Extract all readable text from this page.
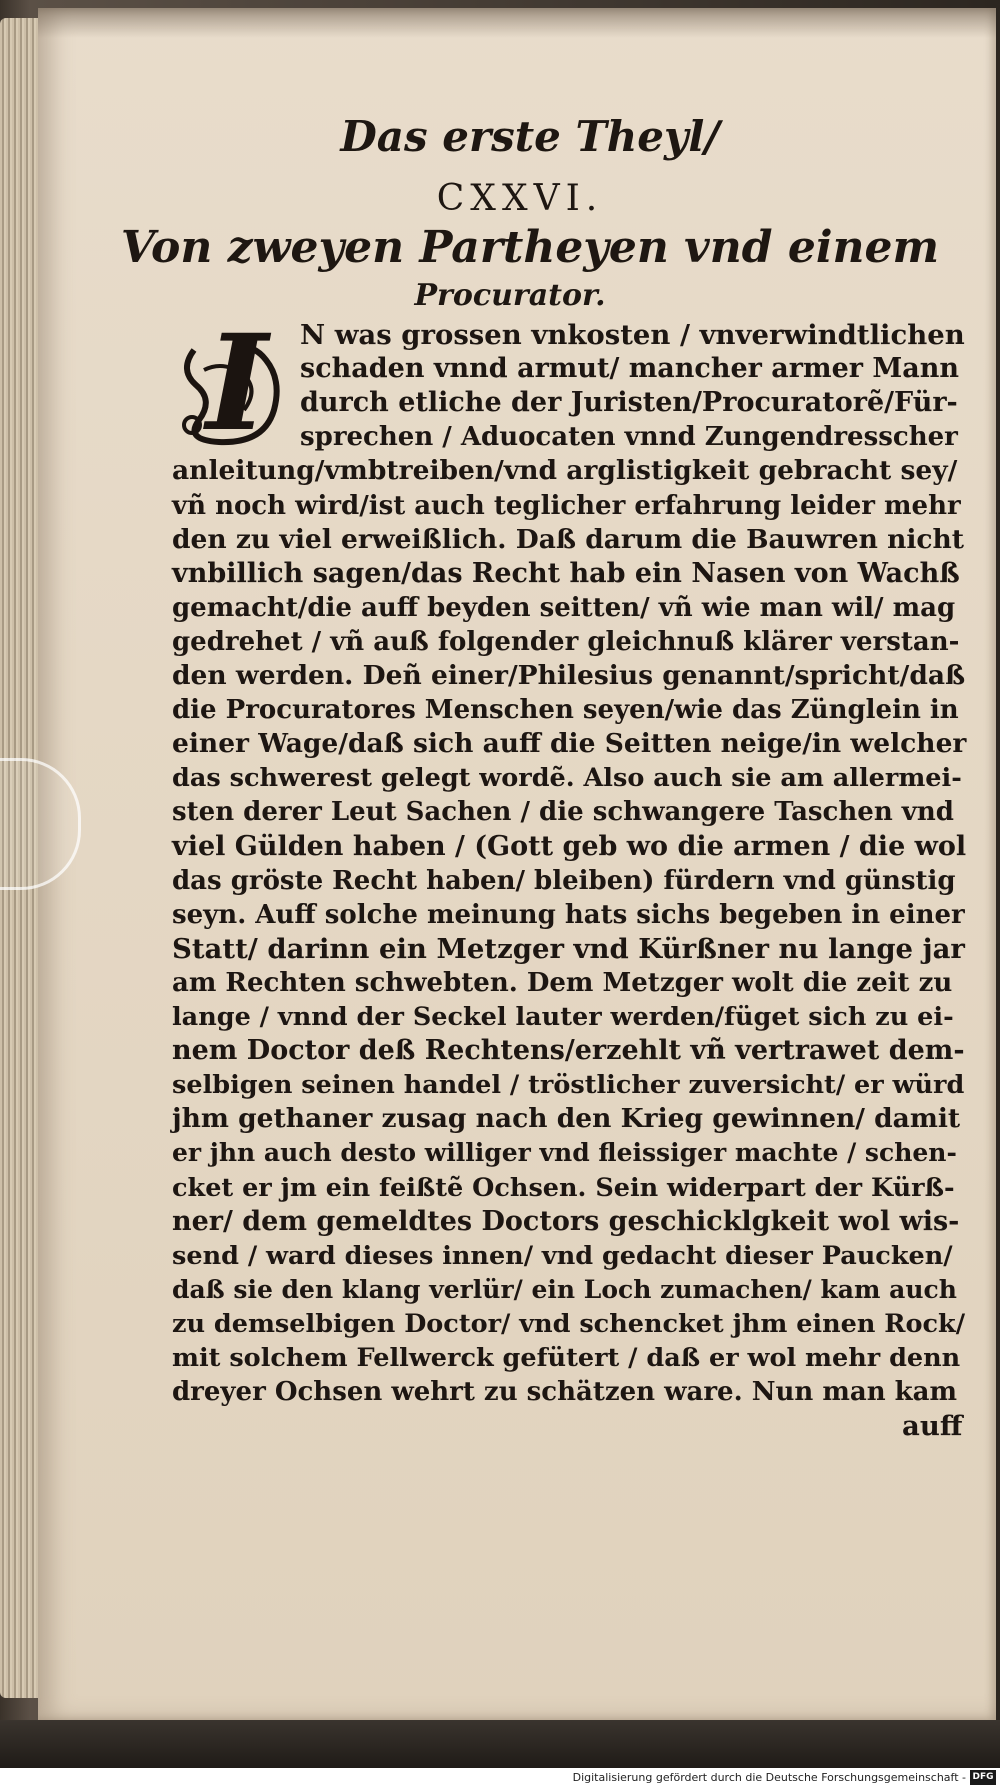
Das erste Theyl/
CXXVI.
Von zweyen Partheyen vnd einem
Procurator.
I	N was grossen vnkosten / vnverwindtlichen
schaden vnnd armut/ mancher armer Mann
durch etliche der Juristen/Procuratorẽ/Für-
sprechen / Aduocaten vnnd Zungendresscher
anleitung/vmbtreiben/vnd arglistigkeit gebracht sey/
vñ noch wird/ist auch teglicher erfahrung leider mehr
den zu viel erweißlich. Daß darum die Bauwren nicht
vnbillich sagen/das Recht hab ein Nasen von Wachß
gemacht/die auff beyden seitten/ vñ wie man wil/ mag
gedrehet / vñ auß folgender gleichnuß klärer verstan-
den werden. Deñ einer/Philesius genannt/spricht/daß
die Procuratores Menschen seyen/wie das Zünglein in
einer Wage/daß sich auff die Seitten neige/in welcher
das schwerest gelegt wordẽ. Also auch sie am allermei-
sten derer Leut Sachen / die schwangere Taschen vnd
viel Gülden haben / (Gott geb wo die armen / die wol
das gröste Recht haben/ bleiben) fürdern vnd günstig
seyn. Auff solche meinung hats sichs begeben in einer
Statt/ darinn ein Metzger vnd Kürßner nu lange jar
am Rechten schwebten. Dem Metzger wolt die zeit zu
lange / vnnd der Seckel lauter werden/füget sich zu ei-
nem Doctor deß Rechtens/erzehlt vñ vertrawet dem-
selbigen seinen handel / tröstlicher zuversicht/ er würd
jhm gethaner zusag nach den Krieg gewinnen/ damit
er jhn auch desto williger vnd fleissiger machte / schen-
cket er jm ein feißtẽ Ochsen. Sein widerpart der Kürß-
ner/ dem gemeldtes Doctors geschicklgkeit wol wis-
send / ward dieses innen/ vnd gedacht dieser Paucken/
daß sie den klang verlür/ ein Loch zumachen/ kam auch
zu demselbigen Doctor/ vnd schencket jhm einen Rock/
mit solchem Fellwerck gefütert / daß er wol mehr denn
dreyer Ochsen wehrt zu schätzen ware. Nun man kam
auff
Digitalisierung gefördert durch die Deutsche Forschungsgemeinschaft - DFG
